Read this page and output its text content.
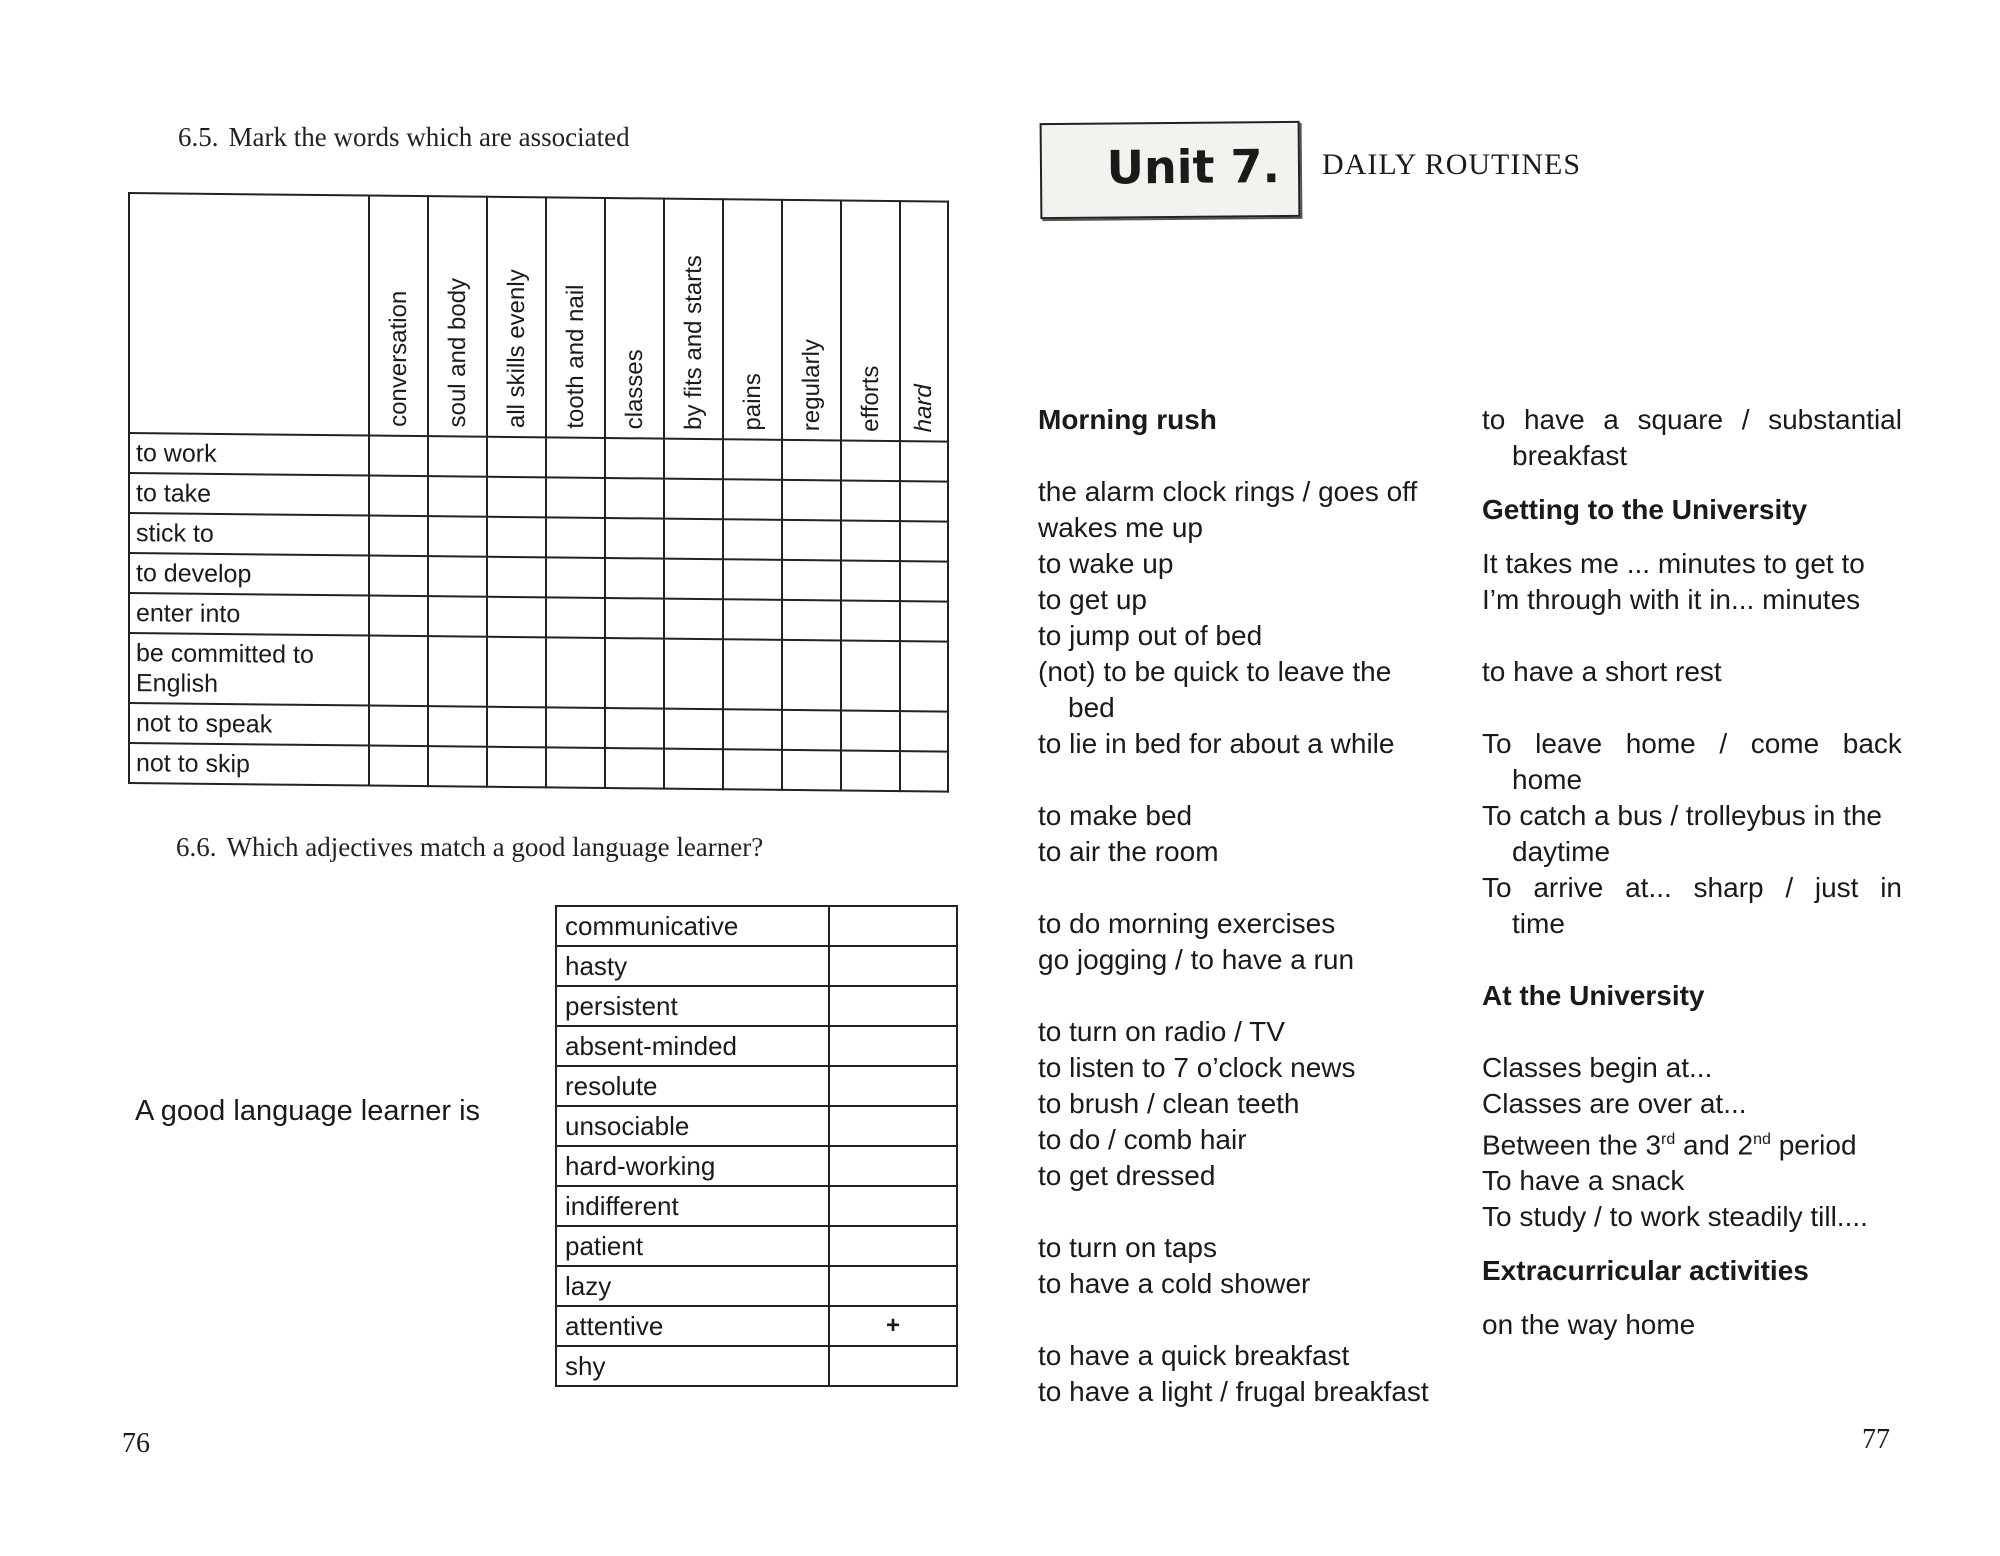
6.5. Mark the words which are associated

	conversation	soul and body	all skills evenly	tooth and nail	classes	by fits and starts	pains	regularly	efforts	hard

to work										
to take										
stick to										
to develop										
enter into										
be committed to English										
not to speak										
not to skip										
6.6. Which adjectives match a good language learner?
A good language learner is
communicative	
hasty	
persistent	
absent-minded	
resolute	
unsociable	
hard-working	
indifferent	
patient	
lazy	
attentive	+
shy	
76
Unit 7. DAILY ROUTINES
Morning rush
the alarm clock rings / goes off
wakes me up
to wake up
to get up
to jump out of bed
(not) to be quick to leave the
bed
to lie in bed for about a while
to make bed
to air the room
to do morning exercises
go jogging / to have a run
to turn on radio / TV
to listen to 7 o’clock news
to brush / clean teeth
to do / comb hair
to get dressed
to turn on taps
to have a cold shower
to have a quick breakfast
to have a light / frugal breakfast
to have a square / substantial
breakfast
Getting to the University
It takes me ... minutes to get to
I’m through with it in... minutes
to have a short rest
To leave home / come back
home
To catch a bus / trolleybus in the
daytime
To arrive at... sharp / just in
time
At the University
Classes begin at...
Classes are over at...
Between the 3rd and 2nd period
To have a snack
To study / to work steadily till....
Extracurricular activities
on the way home
77
